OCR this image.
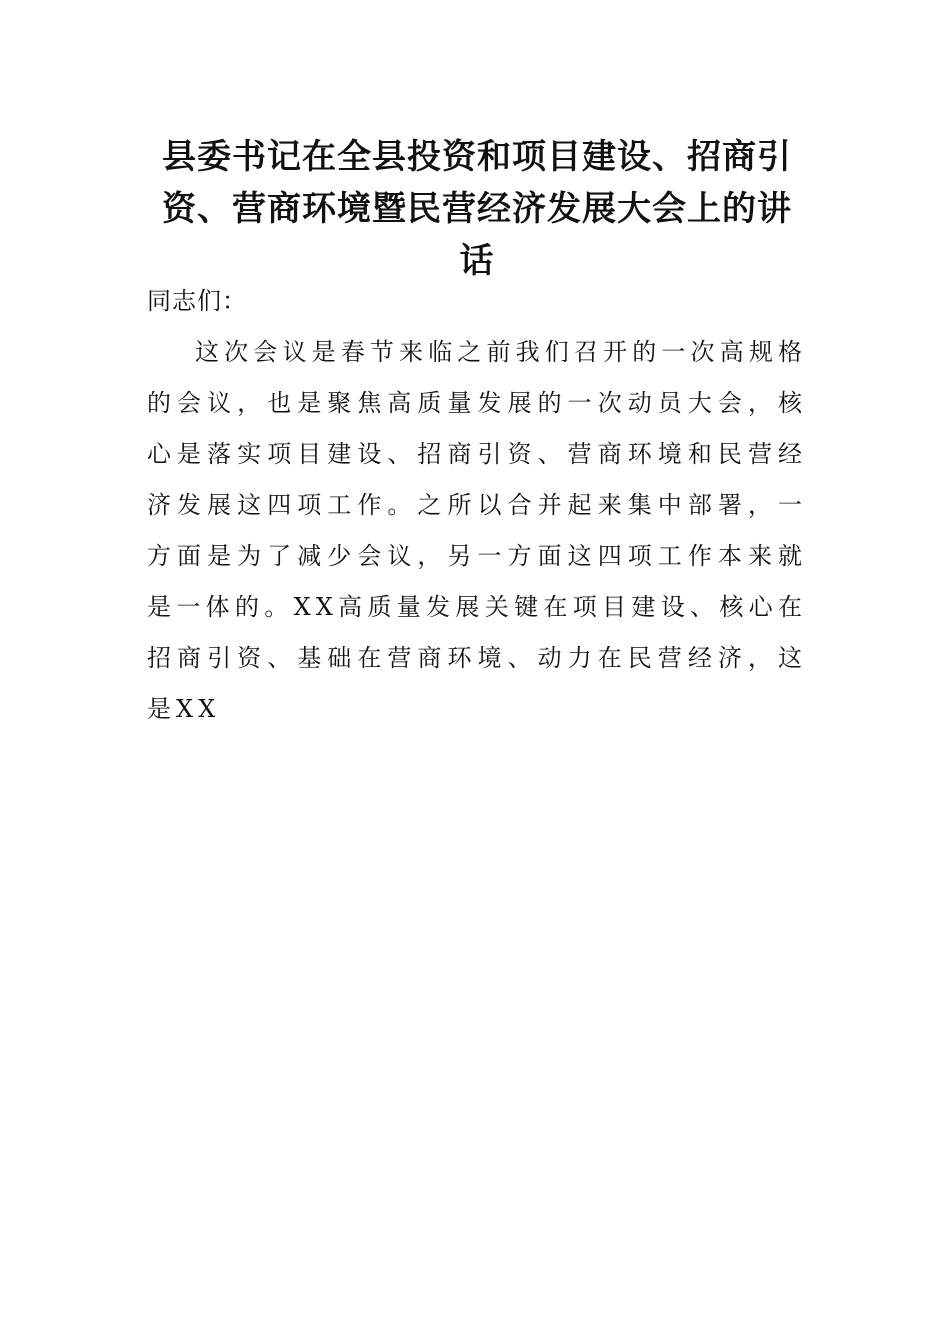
县委书记在全县投资和项目建设、招商引资、营商环境暨民营经济发展大会上的讲话

同志们：

这次会议是春节来临之前我们召开的一次高规格的会议，也是聚焦高质量发展的一次动员大会，核心是落实项目建设、招商引资、营商环境和民营经济发展这四项工作。之所以合并起来集中部署，一方面是为了减少会议，另一方面这四项工作本来就是一体的。XX高质量发展关键在项目建设、核心在招商引资、基础在营商环境、动力在民营经济，这是XX
